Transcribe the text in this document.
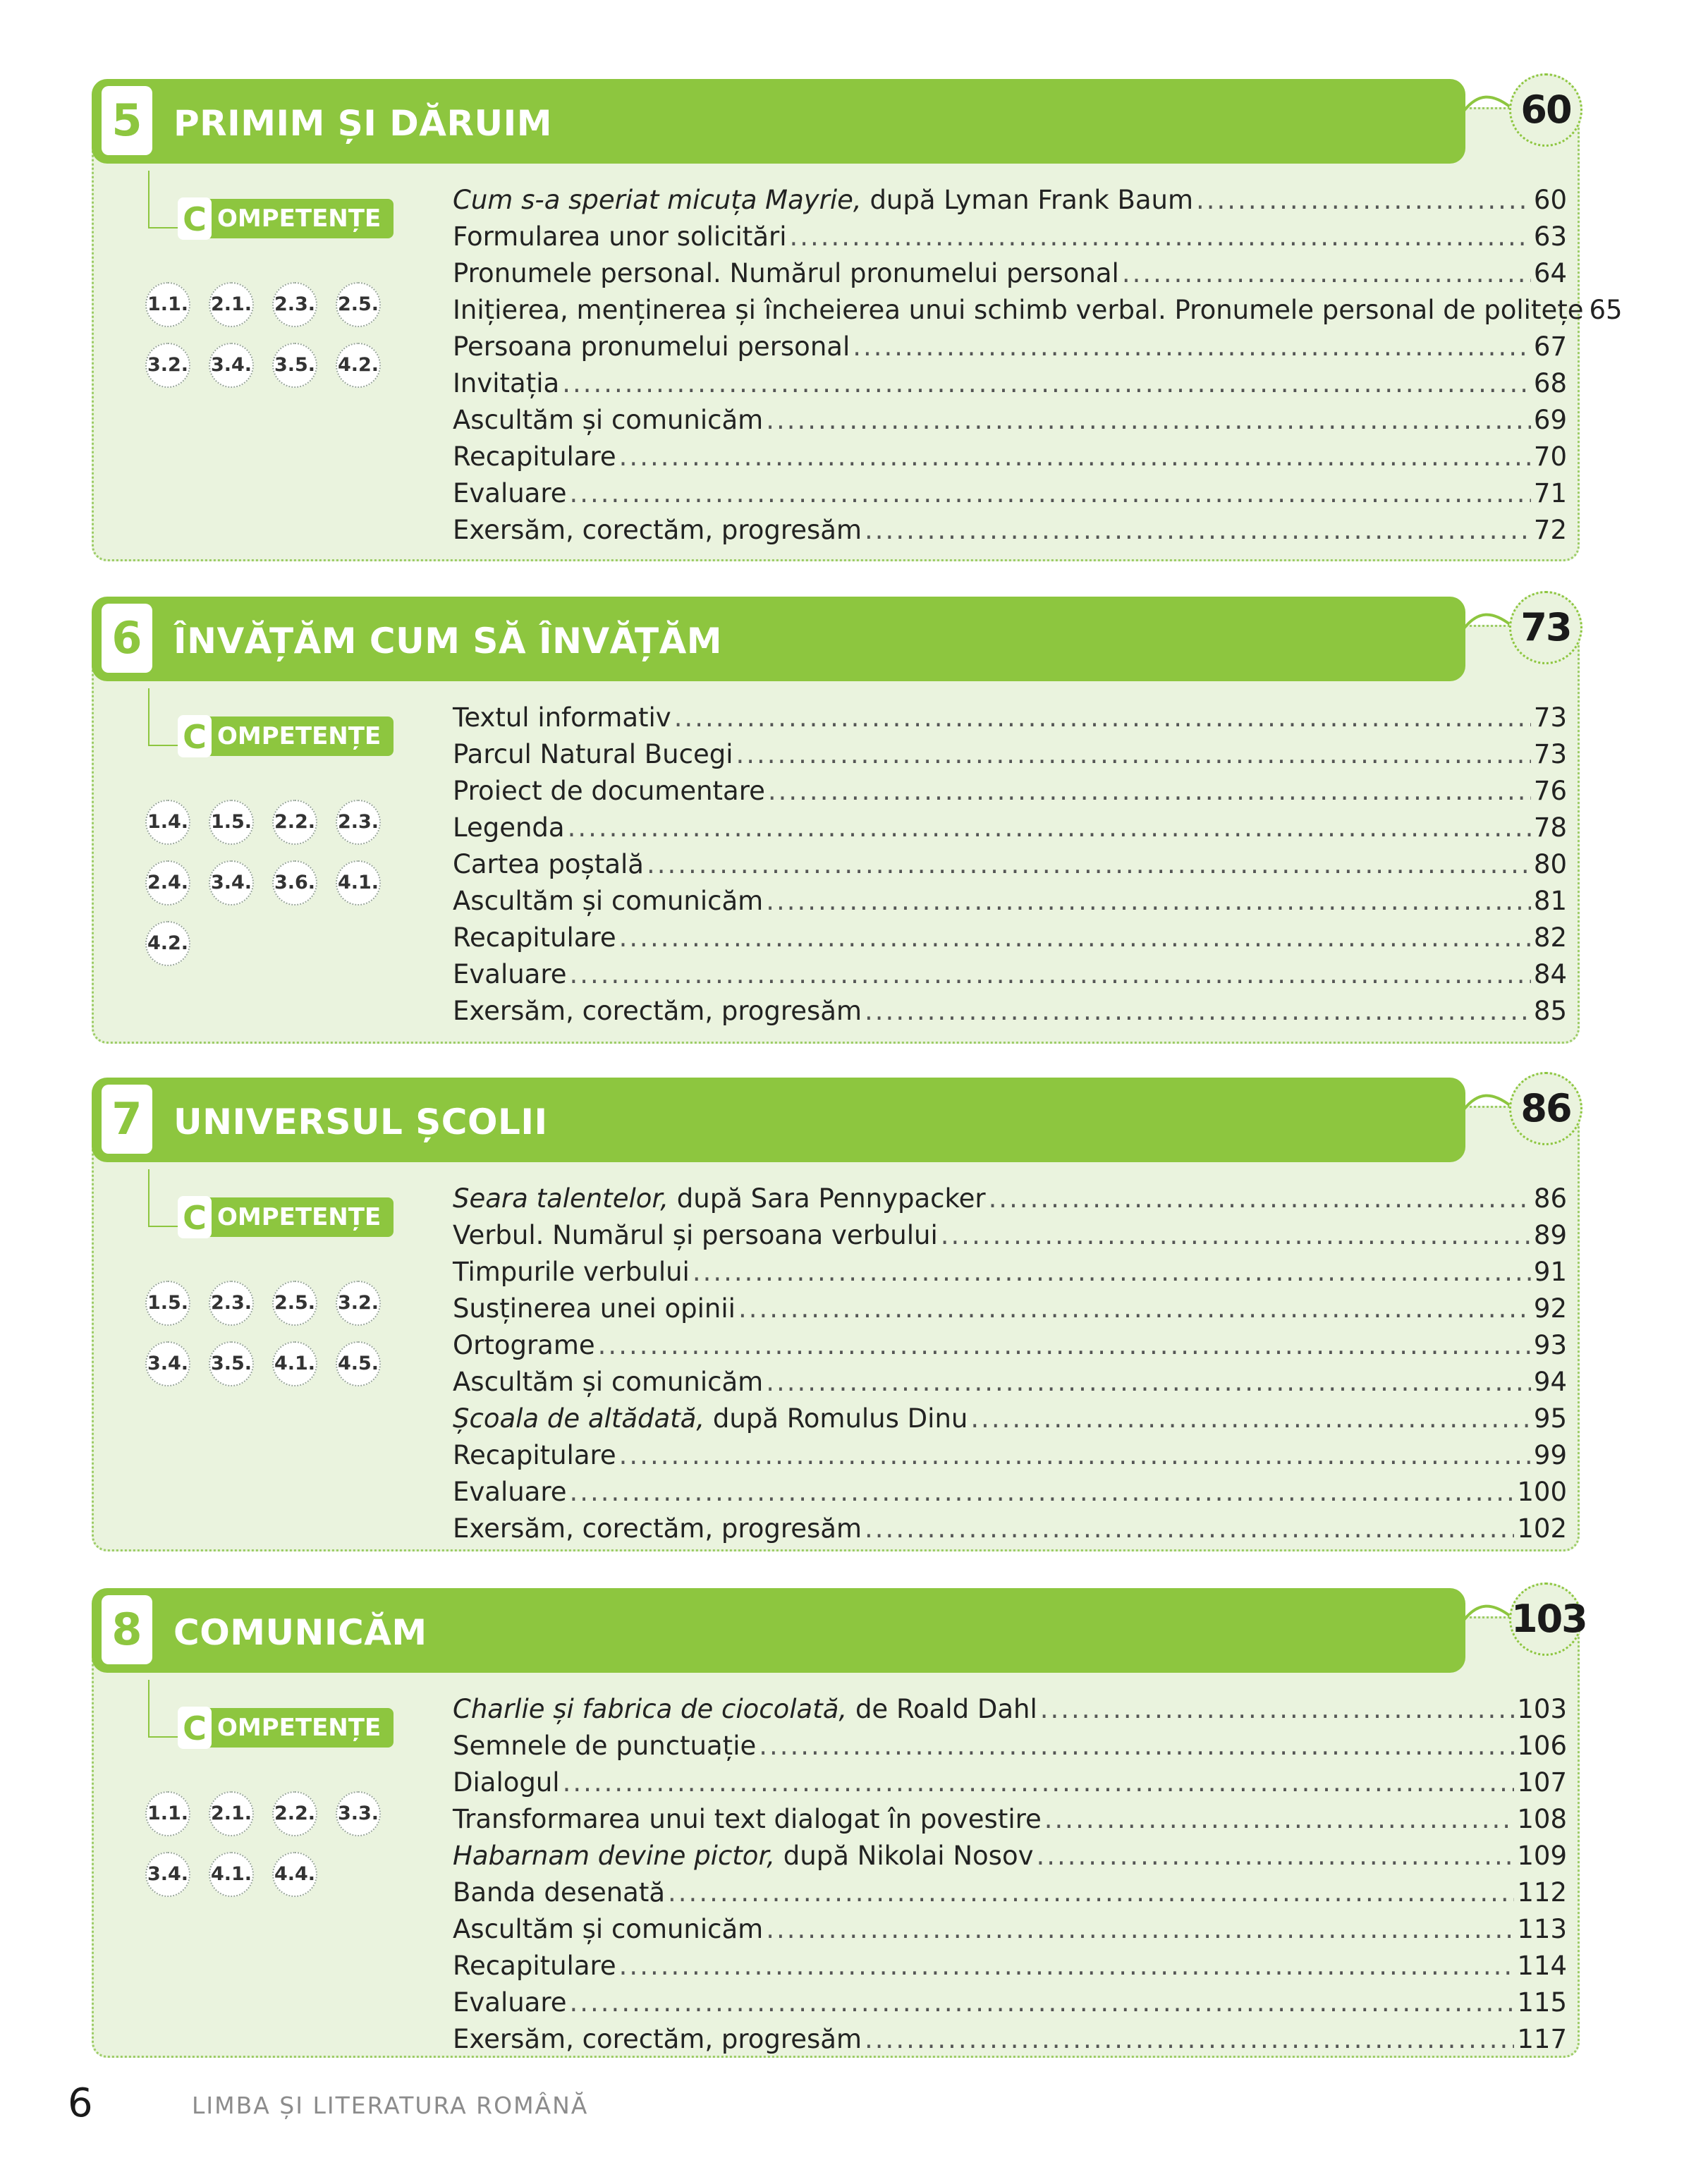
5 PRIMIM ȘI DĂRUIM	60
OMPETENȚE
C
1.1. 2.1. 2.3. 2.5.
3.2. 3.4. 3.5. 4.2.
Cum s-a speriat micuța Mayrie, după Lyman Frank Baum .....	60
Formularea unor solicitări .....	63
Pronumele personal. Numărul pronumelui personal .....	64
Inițierea, menținerea și încheierea unui schimb verbal. Pronumele personal de politețe 65
Persoana pronumelui personal .....	67
Invitația .....	68
Ascultăm și comunicăm .....	69
Recapitulare .....	70
Evaluare .....	71
Exersăm, corectăm, progresăm .....	72
6 ÎNVĂȚĂM CUM SĂ ÎNVĂȚĂM	73
OMPETENȚE
C
1.4. 1.5. 2.2. 2.3.
2.4. 3.4. 3.6. 4.1.
4.2.
Textul informativ .....	73
Parcul Natural Bucegi .....	73
Proiect de documentare .....	76
Legenda .....	78
Cartea poștală .....	80
Ascultăm și comunicăm .....	81
Recapitulare .....	82
Evaluare .....	84
Exersăm, corectăm, progresăm .....	85
7 UNIVERSUL ȘCOLII	86
OMPETENȚE
C
1.5. 2.3. 2.5. 3.2.
3.4. 3.5. 4.1. 4.5.
Seara talentelor, după Sara Pennypacker .....	86
Verbul. Numărul și persoana verbului .....	89
Timpurile verbului .....	91
Susținerea unei opinii .....	92
Ortograme .....	93
Ascultăm și comunicăm .....	94
Școala de altădată, după Romulus Dinu .....	95
Recapitulare .....	99
Evaluare .....	100
Exersăm, corectăm, progresăm .....	102
8 COMUNICĂM	103
OMPETENȚE
C
1.1. 2.1. 2.2. 3.3.
3.4. 4.1. 4.4.
Charlie și fabrica de ciocolată, de Roald Dahl .....	103
Semnele de punctuație .....	106
Dialogul .....	107
Transformarea unui text dialogat în povestire .....	108
Habarnam devine pictor, după Nikolai Nosov .....	109
Banda desenată .....	112
Ascultăm și comunicăm .....	113
Recapitulare .....	114
Evaluare .....	115
Exersăm, corectăm, progresăm .....	117
6	LIMBA ȘI LITERATURA ROMÂNĂ
